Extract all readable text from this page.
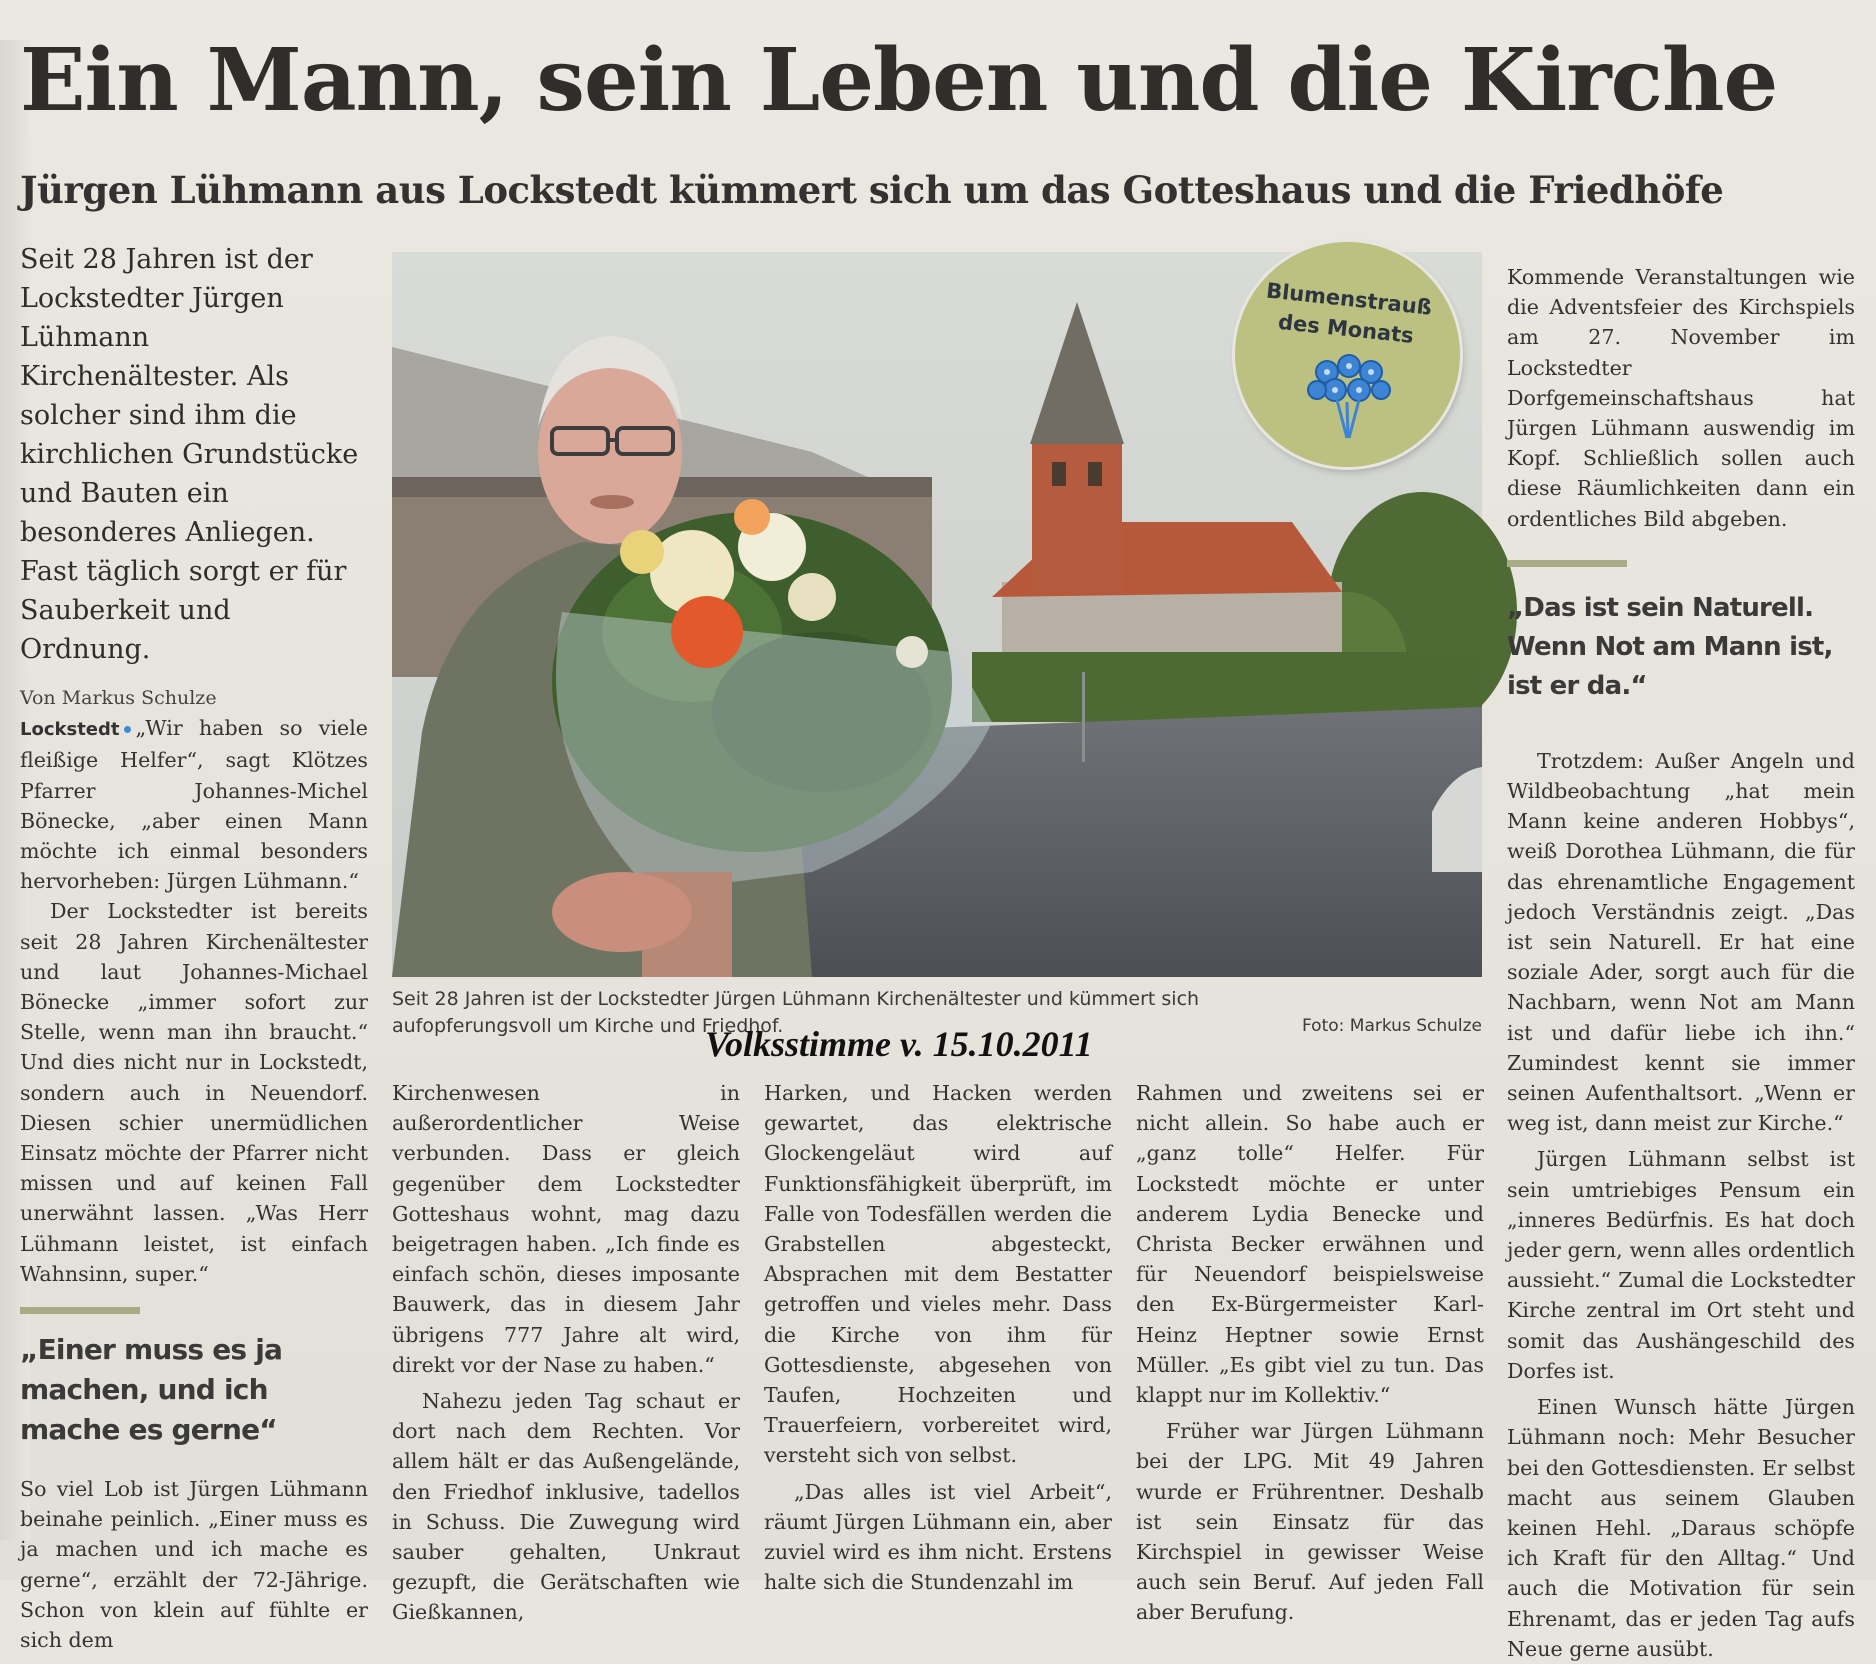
Ein Mann, sein Leben und die Kirche
Jürgen Lühmann aus Lockstedt kümmert sich um das Gotteshaus und die Friedhöfe

Seit 28 Jahren ist der Lockstedter Jürgen Lühmann Kirchenältester. Als solcher sind ihm die kirchlichen Grundstücke und Bauten ein besonderes Anliegen. Fast täglich sorgt er für Sauberkeit und Ordnung.

Von Markus Schulze

Lockstedt „Wir haben so viele fleißige Helfer“, sagt Klötzes Pfarrer Johannes-Michel Bönecke, „aber einen Mann möchte ich einmal besonders hervorheben: Jürgen Lühmann.“

Der Lockstedter ist bereits seit 28 Jahren Kirchenältester und laut Johannes-Michael Bönecke „immer sofort zur Stelle, wenn man ihn braucht.“ Und dies nicht nur in Lockstedt, sondern auch in Neuendorf. Diesen schier unermüdlichen Einsatz möchte der Pfarrer nicht missen und auf keinen Fall unerwähnt lassen. „Was Herr Lühmann leistet, ist einfach Wahnsinn, super.“

„Einer muss es ja machen, und ich mache es gerne“

So viel Lob ist Jürgen Lühmann beinahe peinlich. „Einer muss es ja machen und ich mache es gerne“, erzählt der 72-Jährige. Schon von klein auf fühlte er sich dem

Blumenstrauß
des Monats
Seit 28 Jahren ist der Lockstedter Jürgen Lühmann Kirchenältester und kümmert sich aufopferungsvoll um Kirche und Friedhof.	Foto: Markus Schulze
Volksstimme v. 15.10.2011

Kirchenwesen in außerordentlicher Weise verbunden. Dass er gleich gegenüber dem Lockstedter Gotteshaus wohnt, mag dazu beigetragen haben. „Ich finde es einfach schön, dieses imposante Bauwerk, das in diesem Jahr übrigens 777 Jahre alt wird, direkt vor der Nase zu haben.“

Nahezu jeden Tag schaut er dort nach dem Rechten. Vor allem hält er das Außengelände, den Friedhof inklusive, tadellos in Schuss. Die Zuwegung wird sauber gehalten, Unkraut gezupft, die Gerätschaften wie Gießkannen,

Harken, und Hacken werden gewartet, das elektrische Glockengeläut wird auf Funktionsfähigkeit überprüft, im Falle von Todesfällen werden die Grabstellen abgesteckt, Absprachen mit dem Bestatter getroffen und vieles mehr. Dass die Kirche von ihm für Gottesdienste, abgesehen von Taufen, Hochzeiten und Trauerfeiern, vorbereitet wird, versteht sich von selbst.

„Das alles ist viel Arbeit“, räumt Jürgen Lühmann ein, aber zuviel wird es ihm nicht. Erstens halte sich die Stundenzahl im

Rahmen und zweitens sei er nicht allein. So habe auch er „ganz tolle“ Helfer. Für Lockstedt möchte er unter anderem Lydia Benecke und Christa Becker erwähnen und für Neuendorf beispielsweise den Ex-Bürgermeister Karl-Heinz Heptner sowie Ernst Müller. „Es gibt viel zu tun. Das klappt nur im Kollektiv.“

Früher war Jürgen Lühmann bei der LPG. Mit 49 Jahren wurde er Frührentner. Deshalb ist sein Einsatz für das Kirchspiel in gewisser Weise auch sein Beruf. Auf jeden Fall aber Berufung.

Kommende Veranstaltungen wie die Adventsfeier des Kirchspiels am 27. November im Lockstedter Dorfgemeinschaftshaus hat Jürgen Lühmann auswendig im Kopf. Schließlich sollen auch diese Räumlichkeiten dann ein ordentliches Bild abgeben.

„Das ist sein Naturell. Wenn Not am Mann ist, ist er da.“

Trotzdem: Außer Angeln und Wildbeobachtung „hat mein Mann keine anderen Hobbys“, weiß Dorothea Lühmann, die für das ehrenamtliche Engagement jedoch Verständnis zeigt. „Das ist sein Naturell. Er hat eine soziale Ader, sorgt auch für die Nachbarn, wenn Not am Mann ist und dafür liebe ich ihn.“ Zumindest kennt sie immer seinen Aufenthaltsort. „Wenn er weg ist, dann meist zur Kirche.“

Jürgen Lühmann selbst ist sein umtriebiges Pensum ein „inneres Bedürfnis. Es hat doch jeder gern, wenn alles ordentlich aussieht.“ Zumal die Lockstedter Kirche zentral im Ort steht und somit das Aushängeschild des Dorfes ist.

Einen Wunsch hätte Jürgen Lühmann noch: Mehr Besucher bei den Gottesdiensten. Er selbst macht aus seinem Glauben keinen Hehl. „Daraus schöpfe ich Kraft für den Alltag.“ Und auch die Motivation für sein Ehrenamt, das er jeden Tag aufs Neue gerne ausübt.
